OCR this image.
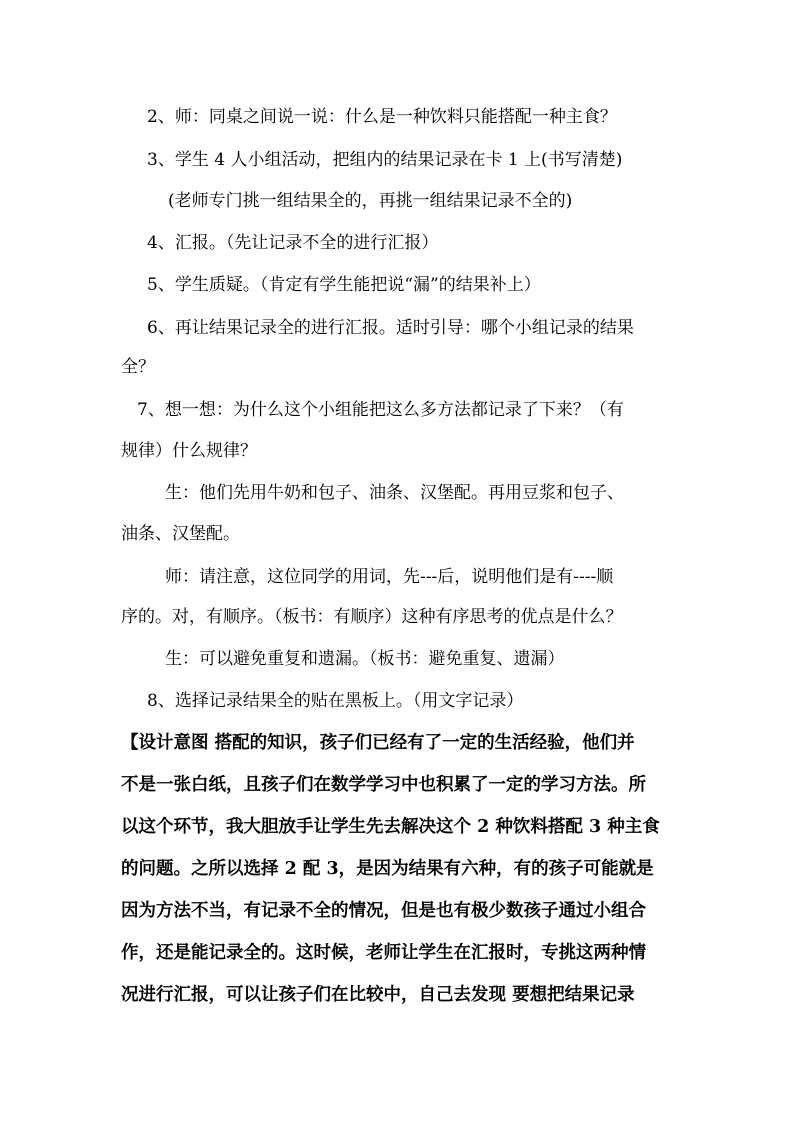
2、师：同桌之间说一说：什么是一种饮料只能搭配一种主食？
3、学生 4 人小组活动，把组内的结果记录在卡 1 上(书写清楚)
(老师专门挑一组结果全的，再挑一组结果记录不全的)
4、汇报。（先让记录不全的进行汇报）
5、学生质疑。（肯定有学生能把说“漏”的结果补上）
6、再让结果记录全的进行汇报。适时引导：哪个小组记录的结果
全？
7、想一想：为什么这个小组能把这么多方法都记录了下来？（有
规律）什么规律？
生：他们先用牛奶和包子、油条、汉堡配。再用豆浆和包子、
油条、汉堡配。
师：请注意，这位同学的用词，先---后，说明他们是有----顺
序的。对，有顺序。（板书：有顺序）这种有序思考的优点是什么？
生：可以避免重复和遗漏。（板书：避免重复、遗漏）
8、选择记录结果全的贴在黑板上。（用文字记录）
【设计意图 搭配的知识，孩子们已经有了一定的生活经验，他们并
不是一张白纸，且孩子们在数学学习中也积累了一定的学习方法。所
以这个环节，我大胆放手让学生先去解决这个 2 种饮料搭配 3 种主食
的问题。之所以选择 2 配 3，是因为结果有六种，有的孩子可能就是
因为方法不当，有记录不全的情况，但是也有极少数孩子通过小组合
作，还是能记录全的。这时候，老师让学生在汇报时，专挑这两种情
况进行汇报，可以让孩子们在比较中，自己去发现 要想把结果记录
